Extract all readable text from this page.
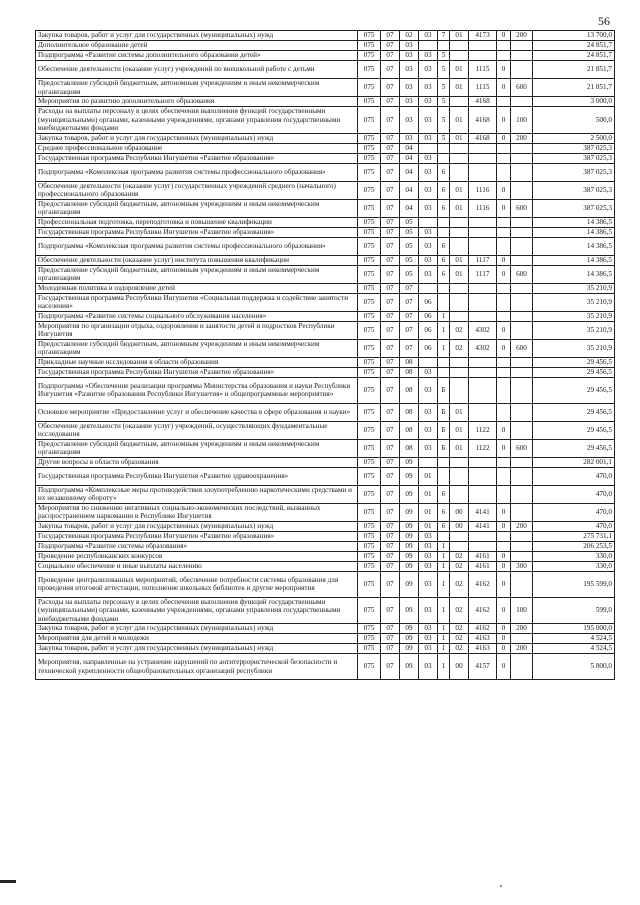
56
Закупка товаров, работ и услуг для государственных (муниципальных) нужд	075	07	02	03	7	01	4173	0	200	13 700,0
Дополнительное образование детей	075	07	03							24 851,7
Подпрограмма «Развитие системы дополнительного образования детей»	075	07	03	03	5					24 851,7
Обеспечение деятельности (оказание услуг) учреждений по внешкольной работе с детьми	075	07	03	03	5	01	1115	0		21 851,7
Предоставление субсидий бюджетным, автономным учреждениям и иным некоммерческим организациям	075	07	03	03	5	01	1115	0	600	21 851,7
Мероприятия по развитию дополнительного образования	075	07	03	03	5		4168			3 000,0
Расходы на выплаты персоналу в целях обеспечения выполнения функций государственными (муниципальными) органами, казенными учреждениями, органами управления государственными внебюджетными фондами	075	07	03	03	5	01	4168	0	100	500,0
Закупка товаров, работ и услуг для государственных (муниципальных) нужд	075	07	03	03	5	01	4168	0	200	2 500,0
Среднее профессиональное образование	075	07	04							387 025,3
Государственная программа Республики Ингушетия «Развитие образования»	075	07	04	03						387 025,3
Подпрограмма «Комплексная программа развития системы профессионального образования»	075	07	04	03	6					387 025,3
Обеспечение деятельности (оказание услуг) государственных учреждений среднего (начального) профессионального образования	075	07	04	03	6	01	1116	0		387 025,3
Предоставление субсидий бюджетным, автономным учреждениям и иным некоммерческим организациям	075	07	04	03	6	01	1116	0	600	387 025,3
Профессиональная подготовка, переподготовка и повышение квалификации	075	07	05							14 386,5
Государственная программа Республики Ингушетия «Развитие образования»	075	07	05	03						14 386,5
Подпрограмма «Комплексная программа развития системы профессионального образования»	075	07	05	03	6					14 386,5
Обеспечение деятельности (оказание услуг) института повышения квалификации	075	07	05	03	6	01	1117	0		14 386,5
Предоставление субсидий бюджетным, автономным учреждениям и иным некоммерческим организациям	075	07	05	03	6	01	1117	0	600	14 386,5
Молодежная политика и оздоровление детей	075	07	07							35 210,9
Государственная программа Республики Ингушетия «Социальная поддержка и содействие занятости населения»	075	07	07	06						35 210,9
Подпрограмма «Развитие системы социального обслуживания населения»	075	07	07	06	1					35 210,9
Мероприятия по организации отдыха, оздоровления и занятости детей и подростков Республики Ингушетия	075	07	07	06	1	02	4302	0		35 210,9
Предоставление субсидий бюджетным, автономным учреждениям и иным некоммерческим организациям	075	07	07	06	1	02	4302	0	600	35 210,9
Прикладные научные исследования в области образования	075	07	08							29 456,5
Государственная программа Республики Ингушетия «Развитие образования»	075	07	08	03						29 456,5
Подпрограмма «Обеспечение реализации программы Министерства образования и науки Республики Ингушетия «Развитие образования Республики Ингушетия» и общепрограммные мероприятия»	075	07	08	03	Б					29 456,5
Основное мероприятие «Предоставление услуг и обеспечение качества в сфере образования и науки»	075	07	08	03	Б	01				29 456,5
Обеспечение деятельности (оказание услуг) учреждений, осуществляющих фундаментальные исследования	075	07	08	03	Б	01	1122	0		29 456,5
Предоставление субсидий бюджетным, автономным учреждениям и иным некоммерческим организациям	075	07	08	03	Б	01	1122	0	600	29 456,5
Другие вопросы в области образования	075	07	09							282 001,1
Государственная программа Республики Ингушетия «Развитие здравоохранения»	075	07	09	01						470,0
Подпрограмма «Комплексные меры противодействия злоупотреблению наркотическими средствами и их незаконному обороту»	075	07	09	01	6					470,0
Мероприятия по снижению негативных социально-экономических последствий, вызванных распространением наркомании в Республике Ингушетия	075	07	09	01	6	00	4141	0		470,0
Закупка товаров, работ и услуг для государственных (муниципальных) нужд	075	07	09	01	6	00	4141	0	200	470,0
Государственная программа Республики Ингушетия «Развитие образования»	075	07	09	03						275 731,1
Подпрограмма «Развитие системы образования»	075	07	09	03	1					206 253,5
Проведение республиканских конкурсов	075	07	09	03	1	02	4161	0		330,0
Социальное обеспечение и иные выплаты населению	075	07	09	03	1	02	4161	0	300	330,0
Проведение централизованных мероприятий, обеспечение потребности системы образования для проведения итоговой аттестации, пополнение школьных библиотек и другие мероприятия	075	07	09	03	1	02	4162	0		195 599,0
Расходы на выплаты персоналу в целях обеспечения выполнения функций государственными (муниципальными) органами, казенными учреждениями, органами управления государственными внебюджетными фондами	075	07	09	03	1	02	4162	0	100	599,0
Закупка товаров, работ и услуг для государственных (муниципальных) нужд	075	07	09	03	1	02	4162	0	200	195 000,0
Мероприятия для детей и молодежи	075	07	09	03	1	02	4163	0		4 524,5
Закупка товаров, работ и услуг для государственных (муниципальных) нужд	075	07	09	03	1	02	4163	0	200	4 524,5
Мероприятия, направленные на устранение нарушений по антитеррористической безопасности и технической укрепленности общеобразовательных организаций республики	075	07	09	03	1	00	4157	0		5 800,0
